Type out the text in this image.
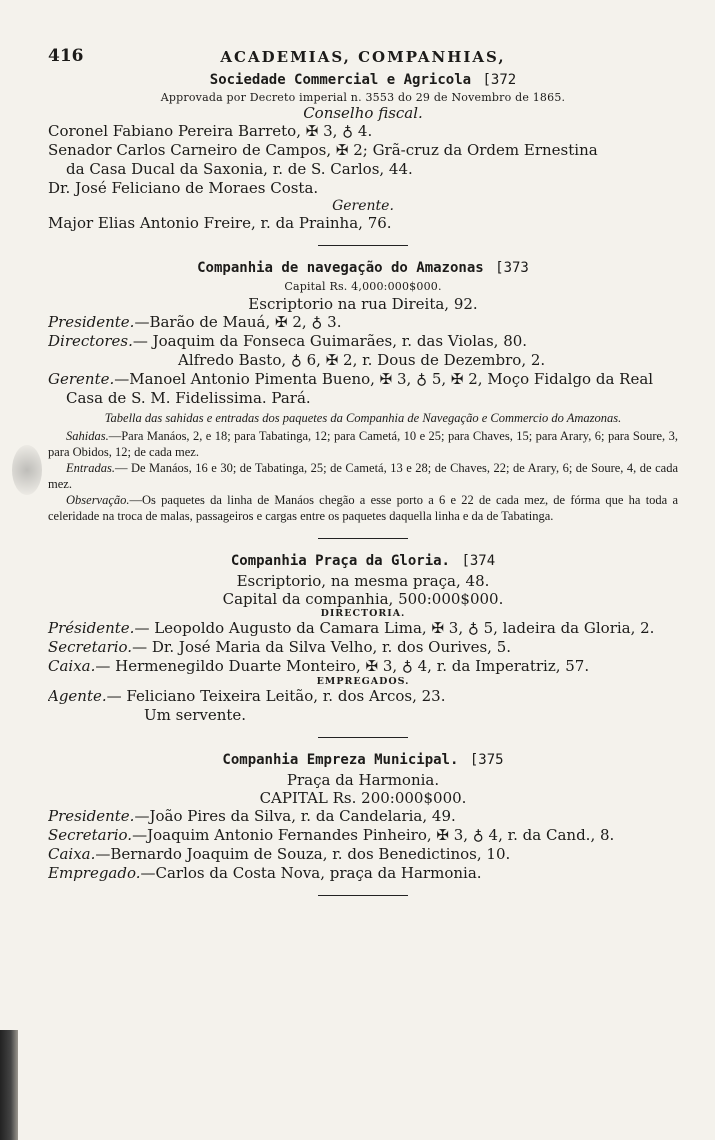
416	ACADEMIAS, COMPANHIAS,
Sociedade Commercial e Agricola [372
Approvada por Decreto imperial n. 3553 do 29 de Novembro de 1865.
Conselho fiscal.
Coronel Fabiano Pereira Barreto, ✠ 3, ♁ 4.
Senador Carlos Carneiro de Campos, ✠ 2; Grã-cruz da Ordem Ernestina
da Casa Ducal da Saxonia, r. de S. Carlos, 44.
Dr. José Feliciano de Moraes Costa.
Gerente.
Major Elias Antonio Freire, r. da Prainha, 76.
Companhia de navegação do Amazonas [373
Capital Rs. 4,000:000$000.
Escriptorio na rua Direita, 92.
Presidente.—Barão de Mauá, ✠ 2, ♁ 3.
Directores.— Joaquim da Fonseca Guimarães, r. das Violas, 80.
Alfredo Basto, ♁ 6, ✠ 2, r. Dous de Dezembro, 2.
Gerente.—Manoel Antonio Pimenta Bueno, ✠ 3, ♁ 5, ✠ 2, Moço Fidalgo da Real Casa de S. M. Fidelissima. Pará.
Tabella das sahidas e entradas dos paquetes da Companhia de Navegação e Commercio do Amazonas.
Sahidas.—Para Manáos, 2, e 18; para Tabatinga, 12; para Cametá, 10 e 25; para Chaves, 15; para Arary, 6; para Soure, 3, para Obidos, 12; de cada mez.
Entradas.— De Manáos, 16 e 30; de Tabatinga, 25; de Cametá, 13 e 28; de Chaves, 22; de Arary, 6; de Soure, 4, de cada mez.
Observação.—Os paquetes da linha de Manáos chegão a esse porto a 6 e 22 de cada mez, de fórma que ha toda a celeridade na troca de malas, passageiros e cargas entre os paquetes daquella linha e da de Tabatinga.
Companhia Praça da Gloria. [374
Escriptorio, na mesma praça, 48.
Capital da companhia, 500:000$000.
DIRECTORIA.
Présidente.— Leopoldo Augusto da Camara Lima, ✠ 3, ♁ 5, ladeira da Gloria, 2.
Secretario.— Dr. José Maria da Silva Velho, r. dos Ourives, 5.
Caixa.— Hermenegildo Duarte Monteiro, ✠ 3, ♁ 4, r. da Imperatriz, 57.
EMPREGADOS.
Agente.— Feliciano Teixeira Leitão, r. dos Arcos, 23.
Um servente.
Companhia Empreza Municipal. [375
Praça da Harmonia.
CAPITAL Rs. 200:000$000.
Presidente.—João Pires da Silva, r. da Candelaria, 49.
Secretario.—Joaquim Antonio Fernandes Pinheiro, ✠ 3, ♁ 4, r. da Cand., 8.
Caixa.—Bernardo Joaquim de Souza, r. dos Benedictinos, 10.
Empregado.—Carlos da Costa Nova, praça da Harmonia.
